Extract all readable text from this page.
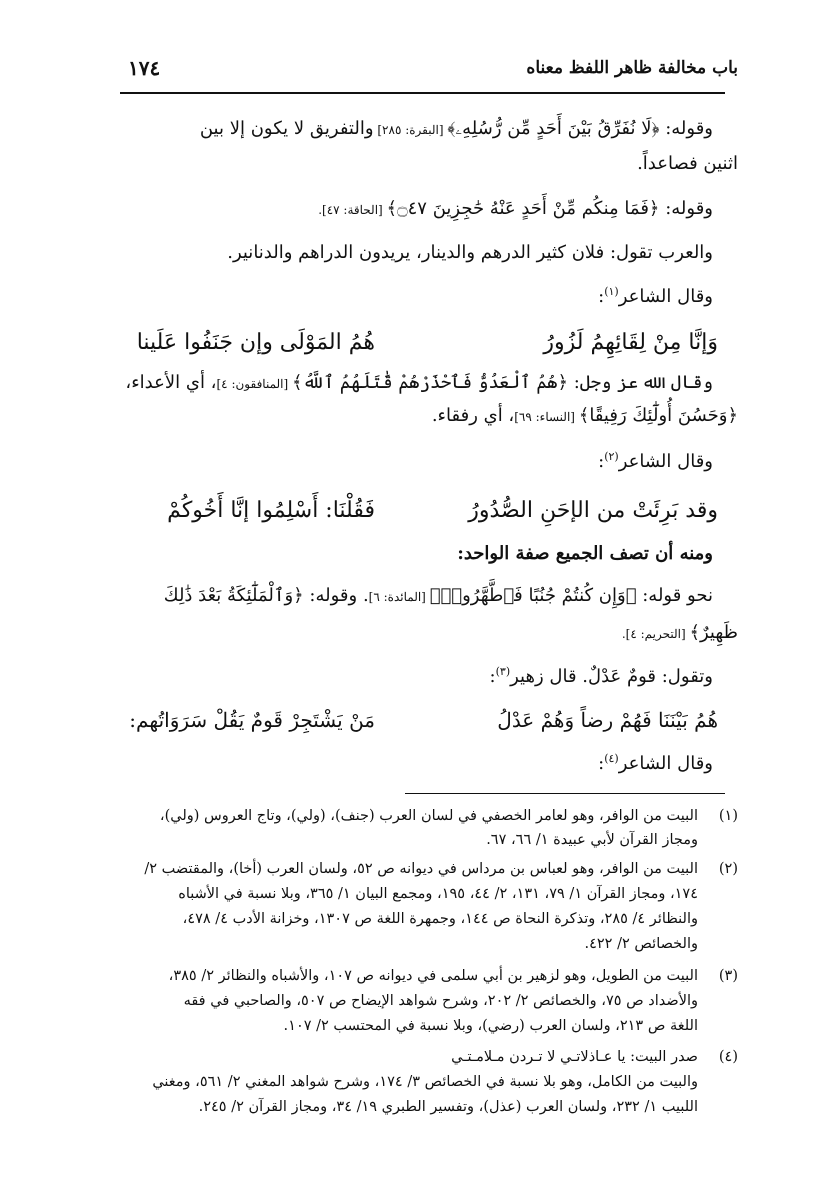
باب مخالفة ظاهر اللفظ معناه
١٧٤
وقوله: ﴿لَا نُفَرِّقُ بَيْنَ أَحَدٍ مِّن رُّسُلِهِۦ﴾ [البقرة: ٢٨٥] والتفريق لا يكون إلا بين
اثنين فصاعداً.
وقوله: ﴿فَمَا مِنكُم مِّنْ أَحَدٍ عَنْهُ حَٰجِزِينَ ۝٤٧﴾ [الحاقة: ٤٧].
والعرب تقول: فلان كثير الدرهم والدينار، يريدون الدراهم والدنانير.
وقال الشاعر$^{(١)}$:
هُمُ المَوْلَى وإن جَنَفُوا عَلَينا	وَإنَّا مِنْ لِقَائِهِمُ لَزُورُ
وقال الله عز وجل: ﴿هُمُ ٱلْعَدُوُّ فَٱحْذَرْهُمْ قَٰتَلَهُمُ ٱللَّهُ﴾ [المنافقون: ٤]، أي الأعداء،
﴿وَحَسُنَ أُولَٰٓئِكَ رَفِيقًا﴾ [النساء: ٦٩]، أي رفقاء.
وقال الشاعر$^{(٢)}$:
فَقُلْنَا: أَسْلِمُوا إنَّا أَخُوكُمْ	وقد بَرِئَتْ من الإحَنِ الصُّدُورُ
ومنه أن تصف الجميع صفة الواحد:
نحو قوله: ﴿وَإِن كُنتُمْ جُنُبًا فَٱطَّهَّرُوا۟﴾ [المائدة: ٦]. وقوله: ﴿وَٱلْمَلَٰٓئِكَةُ بَعْدَ ذَٰلِكَ
ظَهِيرٌ﴾ [التحريم: ٤].
وتقول: قومٌ عَدْلٌ. قال زهير$^{(٣)}$:
مَنْ يَشْتَجِرْ قَومٌ يَقُلْ سَرَوَاتُهم:	هُمُ بَيْنَنَا فَهُمْ رضاً وَهُمْ عَدْلُ
وقال الشاعر$^{(٤)}$:
(١)
البيت من الوافر، وهو لعامر الخصفي في لسان العرب (جنف)، (ولي)، وتاج العروس (ولي)،
ومجاز القرآن لأبي عبيدة ١/ ٦٦، ٦٧.
(٢)
البيت من الوافر، وهو لعباس بن مرداس في ديوانه ص ٥٢، ولسان العرب (أخا)، والمقتضب ٢/
١٧٤، ومجاز القرآن ١/ ٧٩، ١٣١، ٢/ ٤٤، ١٩٥، ومجمع البيان ١/ ٣٦٥، وبلا نسبة في الأشباه
والنظائر ٤/ ٢٨٥، وتذكرة النحاة ص ١٤٤، وجمهرة اللغة ص ١٣٠٧، وخزانة الأدب ٤/ ٤٧٨،
والخصائص ٢/ ٤٢٢.
(٣)
البيت من الطويل، وهو لزهير بن أبي سلمى في ديوانه ص ١٠٧، والأشباه والنظائر ٢/ ٣٨٥،
والأضداد ص ٧٥، والخصائص ٢/ ٢٠٢، وشرح شواهد الإيضاح ص ٥٠٧، والصاحبي في فقه
اللغة ص ٢١٣، ولسان العرب (رضي)، وبلا نسبة في المحتسب ٢/ ١٠٧.
(٤)
صدر البيت: يا عـاذلاتـي لا تـردن مـلامـتـي
والبيت من الكامل، وهو بلا نسبة في الخصائص ٣/ ١٧٤، وشرح شواهد المغني ٢/ ٥٦١، ومغني
اللبيب ١/ ٢٣٢، ولسان العرب (عذل)، وتفسير الطبري ١٩/ ٣٤، ومجاز القرآن ٢/ ٢٤٥.
